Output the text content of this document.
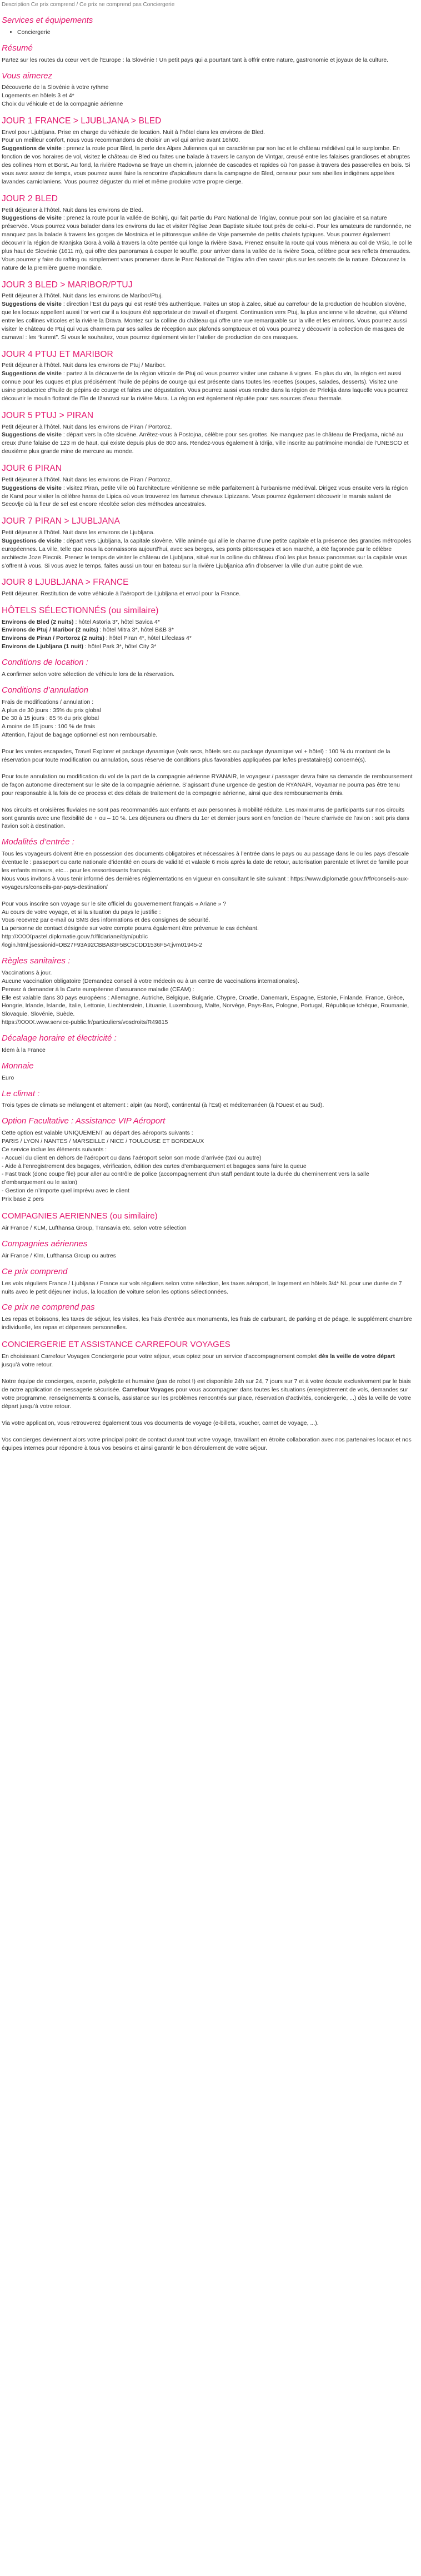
Description Ce prix comprend / Ce prix ne comprend pas Conciergerie
Services et équipements
• Conciergerie
Résumé

Partez sur les routes du cœur vert de l’Europe : la Slovénie ! Un petit pays qui a pourtant tant à offrir entre nature, gastronomie et joyaux de la culture.

Vous aimerez

Découverte de la Slovénie à votre rythme
Logements en hôtels 3 et 4*
Choix du véhicule et de la compagnie aérienne

JOUR 1 FRANCE > LJUBLJANA > BLED

Envol pour Ljubljana. Prise en charge du véhicule de location. Nuit à l’hôtel dans les environs de Bled.
Pour un meilleur confort, nous vous recommandons de choisir un vol qui arrive avant 16h00.
Suggestions de visite : prenez la route pour Bled, la perle des Alpes Juliennes qui se caractérise par son lac et le château médiéval qui le surplombe. En fonction de vos horaires de vol, visitez le château de Bled ou faites une balade à travers le canyon de Vintgar, creusé entre les falaises grandioses et abruptes des collines Hom et Borst. Au fond, la rivière Radovna se fraye un chemin, jalonnée de cascades et rapides où l’on passe à travers des passerelles en bois. Si vous avez assez de temps, vous pourrez aussi faire la rencontre d’apiculteurs dans la campagne de Bled, censeur pour ses abeilles indigènes appelées lavandes carniolaniens. Vous pourrez déguster du miel et même produire votre propre cierge.

JOUR 2 BLED

Petit déjeuner à l’hôtel. Nuit dans les environs de Bled.
Suggestions de visite : prenez la route pour la vallée de Bohinj, qui fait partie du Parc National de Triglav, connue pour son lac glaciaire et sa nature préservée. Vous pourrez vous balader dans les environs du lac et visiter l’église Jean Baptiste située tout près de celui-ci. Pour les amateurs de randonnée, ne manquez pas la balade à travers les gorges de Mostnica et le pittoresque vallée de Voje parsemée de petits chalets typiques. Vous pourrez également découvrir la région de Kranjska Gora à voilà à travers la côte pentée qui longe la rivière Sava. Prenez ensuite la route qui vous mènera au col de Vršic, le col le plus haut de Slovénie (1611 m), qui offre des panoramas à couper le souffle, pour arriver dans la vallée de la rivière Soca, célèbre pour ses reflets émeraudes. Vous pourrez y faire du rafting ou simplement vous promener dans le Parc National de Triglav afin d’en savoir plus sur les secrets de la nature. Découvrez la nature de la première guerre mondiale.

JOUR 3 BLED > MARIBOR/PTUJ

Petit déjeuner à l’hôtel. Nuit dans les environs de Maribor/Ptuj.
Suggestions de visite : direction l’Est du pays qui est resté très authentique. Faites un stop à Zalec, situé au carrefour de la production de houblon slovène, que les locaux appellent aussi l’or vert car il a toujours été apportateur de travail et d’argent. Continuation vers Ptuj, la plus ancienne ville slovène, qui s’étend entre les collines viticoles et la rivière la Drava. Montez sur la colline du château qui offre une vue remarquable sur la ville et les environs. Vous pourrez aussi visiter le château de Ptuj qui vous charmera par ses salles de réception aux plafonds somptueux et où vous pourrez y découvrir la collection de masques de carnaval : les “kurent”. Si vous le souhaitez, vous pourrez également visiter l’atelier de production de ces masques.

JOUR 4 PTUJ ET MARIBOR

Petit déjeuner à l’hôtel. Nuit dans les environs de Ptuj / Maribor.
Suggestions de visite : partez à la découverte de la région viticole de Ptuj où vous pourrez visiter une cabane à vignes. En plus du vin, la région est aussi connue pour les cuques et plus précisément l’huile de pépins de courge qui est présente dans toutes les recettes (soupes, salades, desserts). Visitez une usine productrice d’huile de pépins de courge et faites une dégustation. Vous pourrez aussi vous rendre dans la région de Prlekija dans laquelle vous pourrez découvrir le moulin flottant de l’île de Ižanovci sur la rivière Mura. La région est également réputée pour ses sources d’eau thermale.

JOUR 5 PTUJ > PIRAN

Petit déjeuner à l’hôtel. Nuit dans les environs de Piran / Portoroz.
Suggestions de visite : départ vers la côte slovène. Arrêtez-vous à Postojna, célèbre pour ses grottes. Ne manquez pas le château de Predjama, niché au creux d’une falaise de 123 m de haut, qui existe depuis plus de 800 ans. Rendez-vous également à Idrija, ville inscrite au patrimoine mondial de l’UNESCO et deuxième plus grande mine de mercure au monde.

JOUR 6 PIRAN

Petit déjeuner à l’hôtel. Nuit dans les environs de Piran / Portoroz.
Suggestions de visite : visitez Piran, petite ville où l’architecture vénitienne se mêle parfaitement à l’urbanisme médiéval. Dirigez vous ensuite vers la région de Karst pour visiter la célèbre haras de Lipica où vous trouverez les fameux chevaux Lipizzans. Vous pourrez également découvrir le marais salant de Secovlje où la fleur de sel est encore récoltée selon des méthodes ancestrales.

JOUR 7 PIRAN > LJUBLJANA

Petit déjeuner à l’hôtel. Nuit dans les environs de Ljubljana.
Suggestions de visite : départ vers Ljubljana, la capitale slovène. Ville animée qui allie le charme d’une petite capitale et la présence des grandes métropoles européennes. La ville, telle que nous la connaissons aujourd’hui, avec ses berges, ses ponts pittoresques et son marché, a été façonnée par le célèbre architecte Joze Plecnik. Prenez le temps de visiter le château de Ljubljana, situé sur la colline du château d’où les plus beaux panoramas sur la capitale vous s’offrent à vous. Si vous avez le temps, faites aussi un tour en bateau sur la rivière Ljubljanica afin d’observer la ville d’un autre point de vue.

JOUR 8 LJUBLJANA > FRANCE

Petit déjeuner. Restitution de votre véhicule à l’aéroport de Ljubljana et envol pour la France.

HÔTELS SÉLECTIONNÉS (ou similaire)

Environs de Bled (2 nuits) : hôtel Astoria 3*, hôtel Savica 4*
Environs de Ptuj / Maribor (2 nuits) : hôtel Mitra 3*, hôtel B&B 3*
Environs de Piran / Portoroz (2 nuits) : hôtel Piran 4*, hôtel Lifeclass 4*
Environs de Ljubljana (1 nuit) : hôtel Park 3*, hôtel City 3*

Conditions de location :

A confirmer selon votre sélection de véhicule lors de la réservation.

Conditions d’annulation

Frais de modifications / annulation :
A plus de 30 jours : 35% du prix global
De 30 à 15 jours : 85 % du prix global
A moins de 15 jours : 100 % de frais
Attention, l’ajout de bagage optionnel est non remboursable.

Pour les ventes escapades, Travel Explorer et package dynamique (vols secs, hôtels sec ou package dynamique vol + hôtel) : 100 % du montant de la réservation pour toute modification ou annulation, sous réserve de conditions plus favorables appliquées par le/les prestataire(s) concerné(s).

Pour toute annulation ou modification du vol de la part de la compagnie aérienne RYANAIR, le voyageur / passager devra faire sa demande de remboursement de façon autonome directement sur le site de la compagnie aérienne. S’agissant d’une urgence de gestion de RYANAIR, Voyamar ne pourra pas être tenu pour responsable à la fois de ce process et des délais de traitement de la compagnie aérienne, ainsi que des remboursements émis.

Nos circuits et croisières fluviales ne sont pas recommandés aux enfants et aux personnes à mobilité réduite. Les maximums de participants sur nos circuits sont garantis avec une flexibilité de + ou – 10 %. Les déjeuners ou dîners du 1er et dernier jours sont en fonction de l’heure d’arrivée de l’avion : soit pris dans l’avion soit à destination.

Modalités d’entrée :

Tous les voyageurs doivent être en possession des documents obligatoires et nécessaires à l’entrée dans le pays ou au passage dans le ou les pays d’escale éventuelle : passeport ou carte nationale d’identité en cours de validité et valable 6 mois après la date de retour, autorisation parentale et livret de famille pour les enfants mineurs, etc... pour les ressortissants français.
Nous vous invitons à vous tenir informé des dernières réglementations en vigueur en consultant le site suivant : https://www.diplomatie.gouv.fr/fr/conseils-aux-voyageurs/conseils-par-pays-destination/

Pour vous inscrire son voyage sur le site officiel du gouvernement français « Ariane » ?
Au cours de votre voyage, et si la situation du pays le justifie :
Vous recevrez par e-mail ou SMS des informations et des consignes de sécurité.
La personne de contact désignée sur votre compte pourra également être prévenue le cas échéant.
http://XXXXpastel.diplomatie.gouv.fr/fildariane/dyn/public
/login.html;jsessionid=DB27F93A92CBBA83F5BC5CDD1536F54;jvm01945-2

Règles sanitaires :

Vaccinations à jour.
Aucune vaccination obligatoire (Demandez conseil à votre médecin ou à un centre de vaccinations internationales).
Pensez à demander à la Carte européenne d’assurance maladie (CEAM) :
Elle est valable dans 30 pays européens : Allemagne, Autriche, Belgique, Bulgarie, Chypre, Croatie, Danemark, Espagne, Estonie, Finlande, France, Grèce, Hongrie, Irlande, Islande, Italie, Lettonie, Liechtenstein, Lituanie, Luxembourg, Malte, Norvège, Pays-Bas, Pologne, Portugal, République tchèque, Roumanie, Slovaquie, Slovénie, Suède.
https://XXXX.www.service-public.fr/particuliers/vosdroits/R49815

Décalage horaire et électricité :

Idem à la France

Monnaie

Euro

Le climat :

Trois types de climats se mélangent et alternent : alpin (au Nord), continental (à l’Est) et méditerranéen (à l’Ouest et au Sud).

Option Facultative : Assistance VIP Aéroport

Cette option est valable UNIQUEMENT au départ des aéroports suivants :
PARIS / LYON / NANTES / MARSEILLE / NICE / TOULOUSE ET BORDEAUX
Ce service inclue les éléments suivants :
- Accueil du client en dehors de l’aéroport ou dans l’aéroport selon son mode d’arrivée (taxi ou autre)
- Aide à l’enregistrement des bagages, vérification, édition des cartes d’embarquement et bagages sans faire la queue
- Fast track (donc coupe file) pour aller au contrôle de police (accompagnement d’un staff pendant toute la durée du cheminement vers la salle d’embarquement ou le salon)
- Gestion de n’importe quel imprévu avec le client
Prix base 2 pers

COMPAGNIES AERIENNES (ou similaire)

Air France / KLM, Lufthansa Group, Transavia etc. selon votre sélection

Compagnies aériennes

Air France / Klm, Lufthansa Group ou autres

Ce prix comprend

Les vols réguliers France / Ljubljana / France sur vols réguliers selon votre sélection, les taxes aéroport, le logement en hôtels 3/4* NL pour une durée de 7 nuits avec le petit déjeuner inclus, la location de voiture selon les options sélectionnées.

Ce prix ne comprend pas

Les repas et boissons, les taxes de séjour, les visites, les frais d’entrée aux monuments, les frais de carburant, de parking et de péage, le supplément chambre individuelle, les repas et dépenses personnelles.

CONCIERGERIE ET ASSISTANCE CARREFOUR VOYAGES

En choisissant Carrefour Voyages Conciergerie pour votre séjour, vous optez pour un service d’accompagnement complet dès la veille de votre départ jusqu’à votre retour.

Notre équipe de concierges, experte, polyglotte et humaine (pas de robot !) est disponible 24h sur 24, 7 jours sur 7 et à votre écoute exclusivement par le biais de notre application de messagerie sécurisée. Carrefour Voyages pour vous accompagner dans toutes les situations (enregistrement de vols, demandes sur votre programme, renseignements & conseils, assistance sur les problèmes rencontrés sur place, réservation d’activités, conciergerie, ...) dès la veille de votre départ jusqu’à votre retour.

Via votre application, vous retrouverez également tous vos documents de voyage (e-billets, voucher, carnet de voyage, ...).

Vos concierges deviennent alors votre principal point de contact durant tout votre voyage, travaillant en étroite collaboration avec nos partenaires locaux et nos équipes internes pour répondre à tous vos besoins et ainsi garantir le bon déroulement de votre séjour.
